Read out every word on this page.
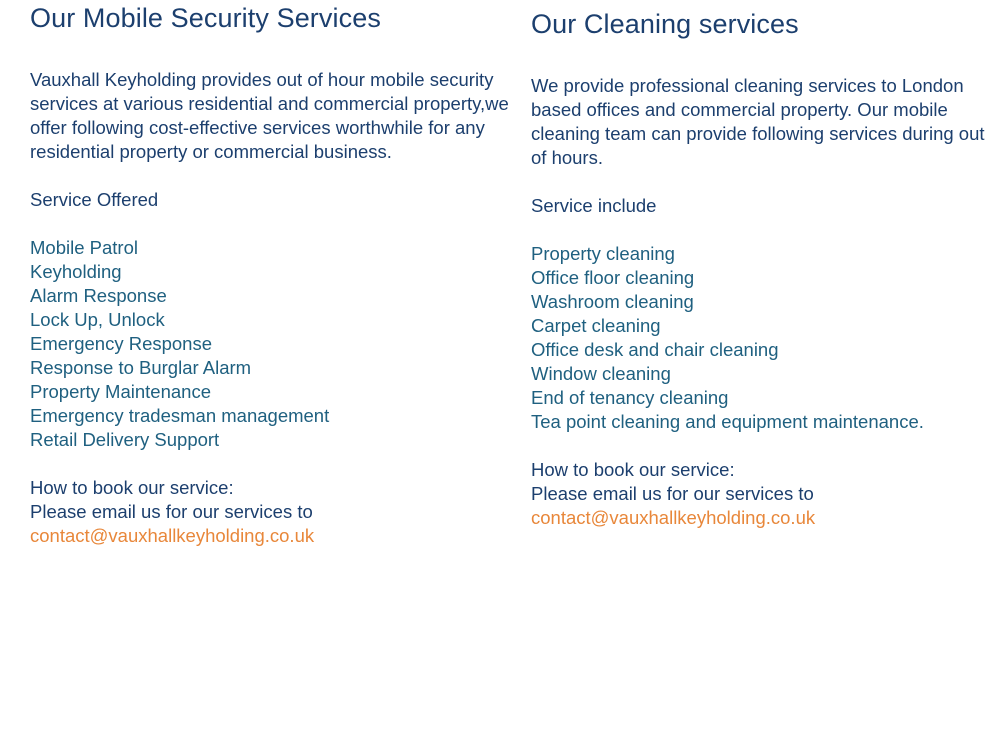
Our Mobile Security Services

Vauxhall Keyholding provides out of hour mobile security services at various residential and commercial property,we offer following cost-effective services worthwhile for any residential property or commercial business.

Service Offered

Mobile Patrol
Keyholding
Alarm Response
Lock Up, Unlock
Emergency Response
Response to Burglar Alarm
Property Maintenance
Emergency tradesman management
Retail Delivery Support
How to book our service:
Please email us for our services to
contact@vauxhallkeyholding.co.uk
Our Cleaning services

We provide professional cleaning services to London based offices and commercial property. Our mobile cleaning team can provide following services during out of hours.

Service include

Property cleaning
Office floor cleaning
Washroom cleaning
Carpet cleaning
Office desk and chair cleaning
Window cleaning
End of tenancy cleaning
Tea point cleaning and equipment maintenance.
How to book our service:
Please email us for our services to
contact@vauxhallkeyholding.co.uk
